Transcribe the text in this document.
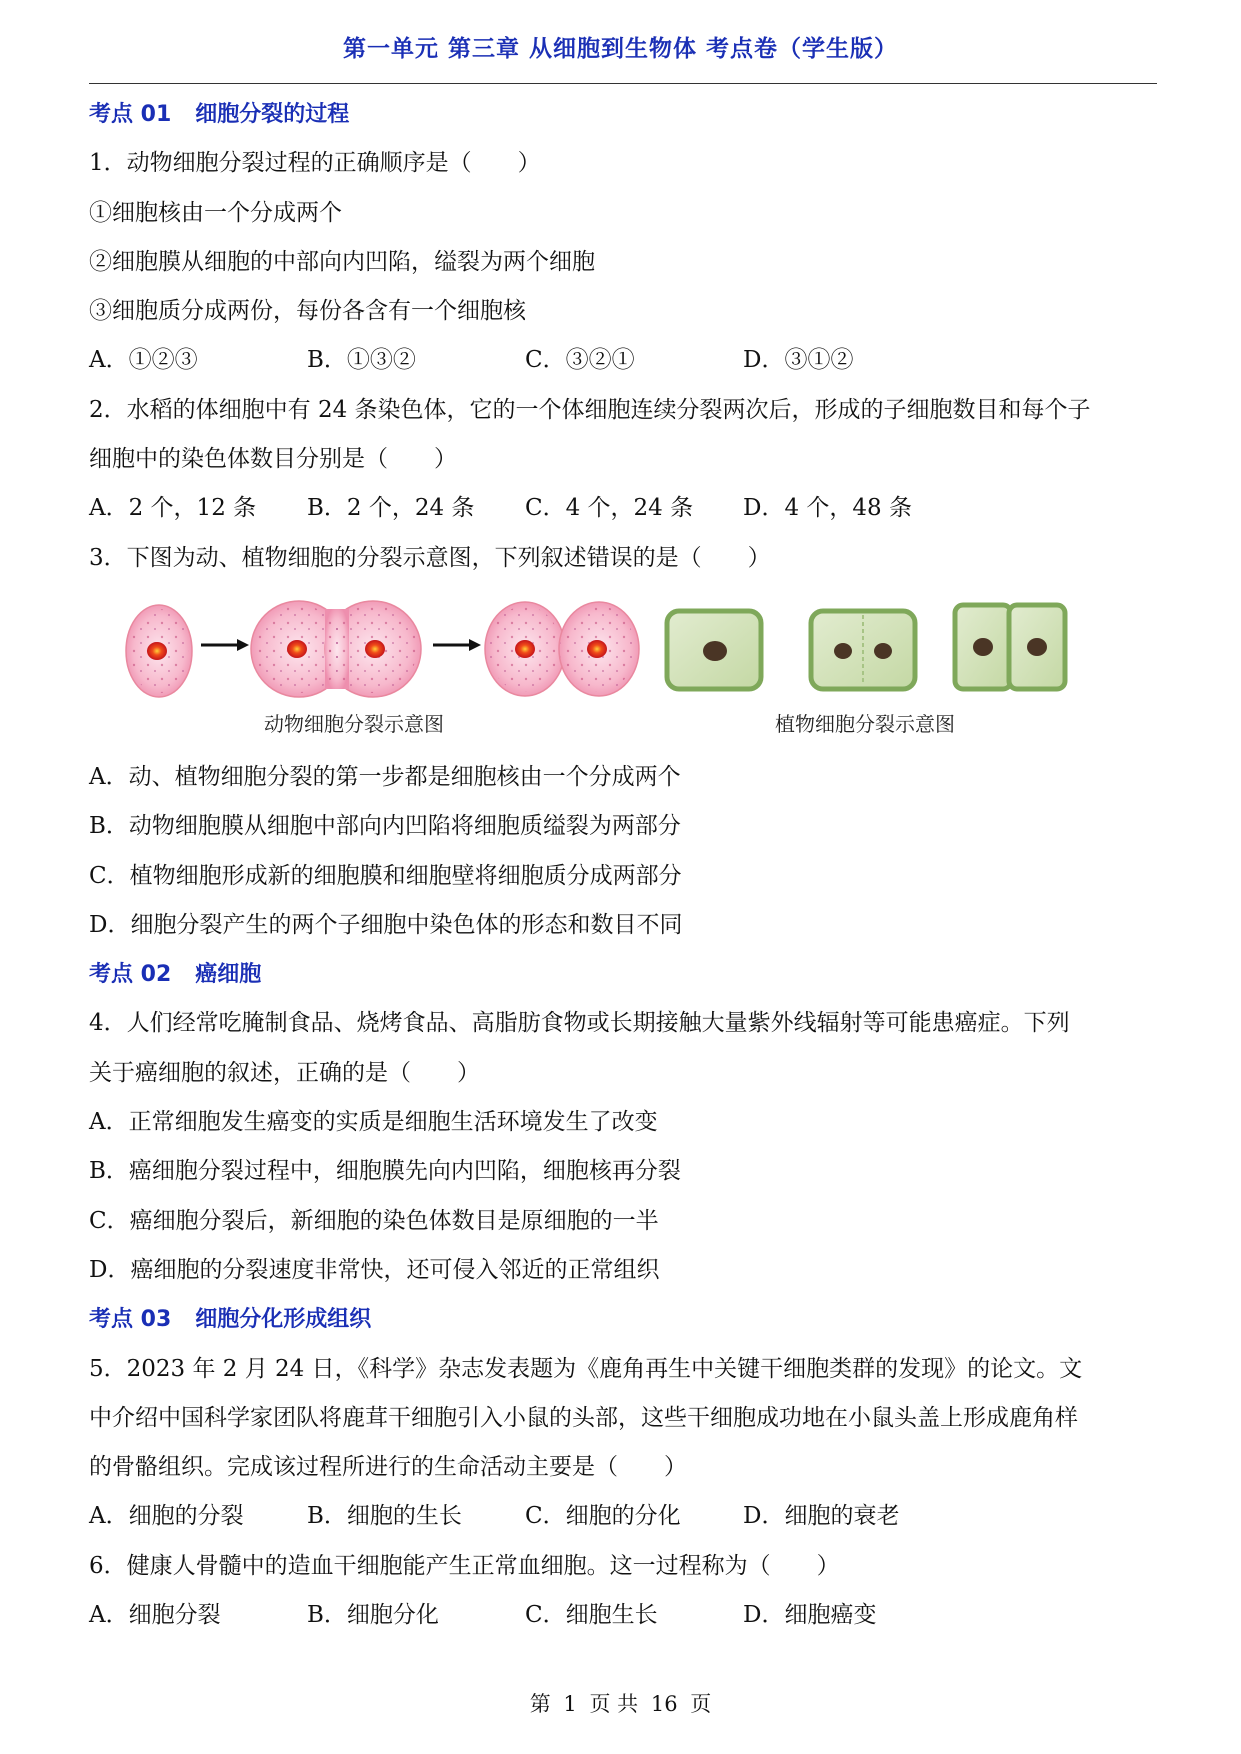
第一单元 第三章 从细胞到生物体 考点卷（学生版）
考点 01 细胞分裂的过程
1．动物细胞分裂过程的正确顺序是（　　）
①细胞核由一个分成两个
②细胞膜从细胞的中部向内凹陷，缢裂为两个细胞
③细胞质分成两份，每份各含有一个细胞核
A．①②③	B．①③②	C．③②①	D．③①②
2．水稻的体细胞中有 24 条染色体，它的一个体细胞连续分裂两次后，形成的子细胞数目和每个子
细胞中的染色体数目分别是（　　）
A．2 个，12 条	B．2 个，24 条	C．4 个，24 条	D．4 个，48 条
3．下图为动、植物细胞的分裂示意图，下列叙述错误的是（　　）
动物细胞分裂示意图	植物细胞分裂示意图
A．动、植物细胞分裂的第一步都是细胞核由一个分成两个
B．动物细胞膜从细胞中部向内凹陷将细胞质缢裂为两部分
C．植物细胞形成新的细胞膜和细胞壁将细胞质分成两部分
D．细胞分裂产生的两个子细胞中染色体的形态和数目不同
考点 02 癌细胞
4．人们经常吃腌制食品、烧烤食品、高脂肪食物或长期接触大量紫外线辐射等可能患癌症。下列
关于癌细胞的叙述，正确的是（　　）
A．正常细胞发生癌变的实质是细胞生活环境发生了改变
B．癌细胞分裂过程中，细胞膜先向内凹陷，细胞核再分裂
C．癌细胞分裂后，新细胞的染色体数目是原细胞的一半
D．癌细胞的分裂速度非常快，还可侵入邻近的正常组织
考点 03 细胞分化形成组织
5．2023 年 2 月 24 日，《科学》杂志发表题为《鹿角再生中关键干细胞类群的发现》的论文。文
中介绍中国科学家团队将鹿茸干细胞引入小鼠的头部，这些干细胞成功地在小鼠头盖上形成鹿角样
的骨骼组织。完成该过程所进行的生命活动主要是（　　）
A．细胞的分裂	B．细胞的生长	C．细胞的分化	D．细胞的衰老
6．健康人骨髓中的造血干细胞能产生正常血细胞。这一过程称为（　　）
A．细胞分裂	B．细胞分化	C．细胞生长	D．细胞癌变
第 1 页 共 16 页
